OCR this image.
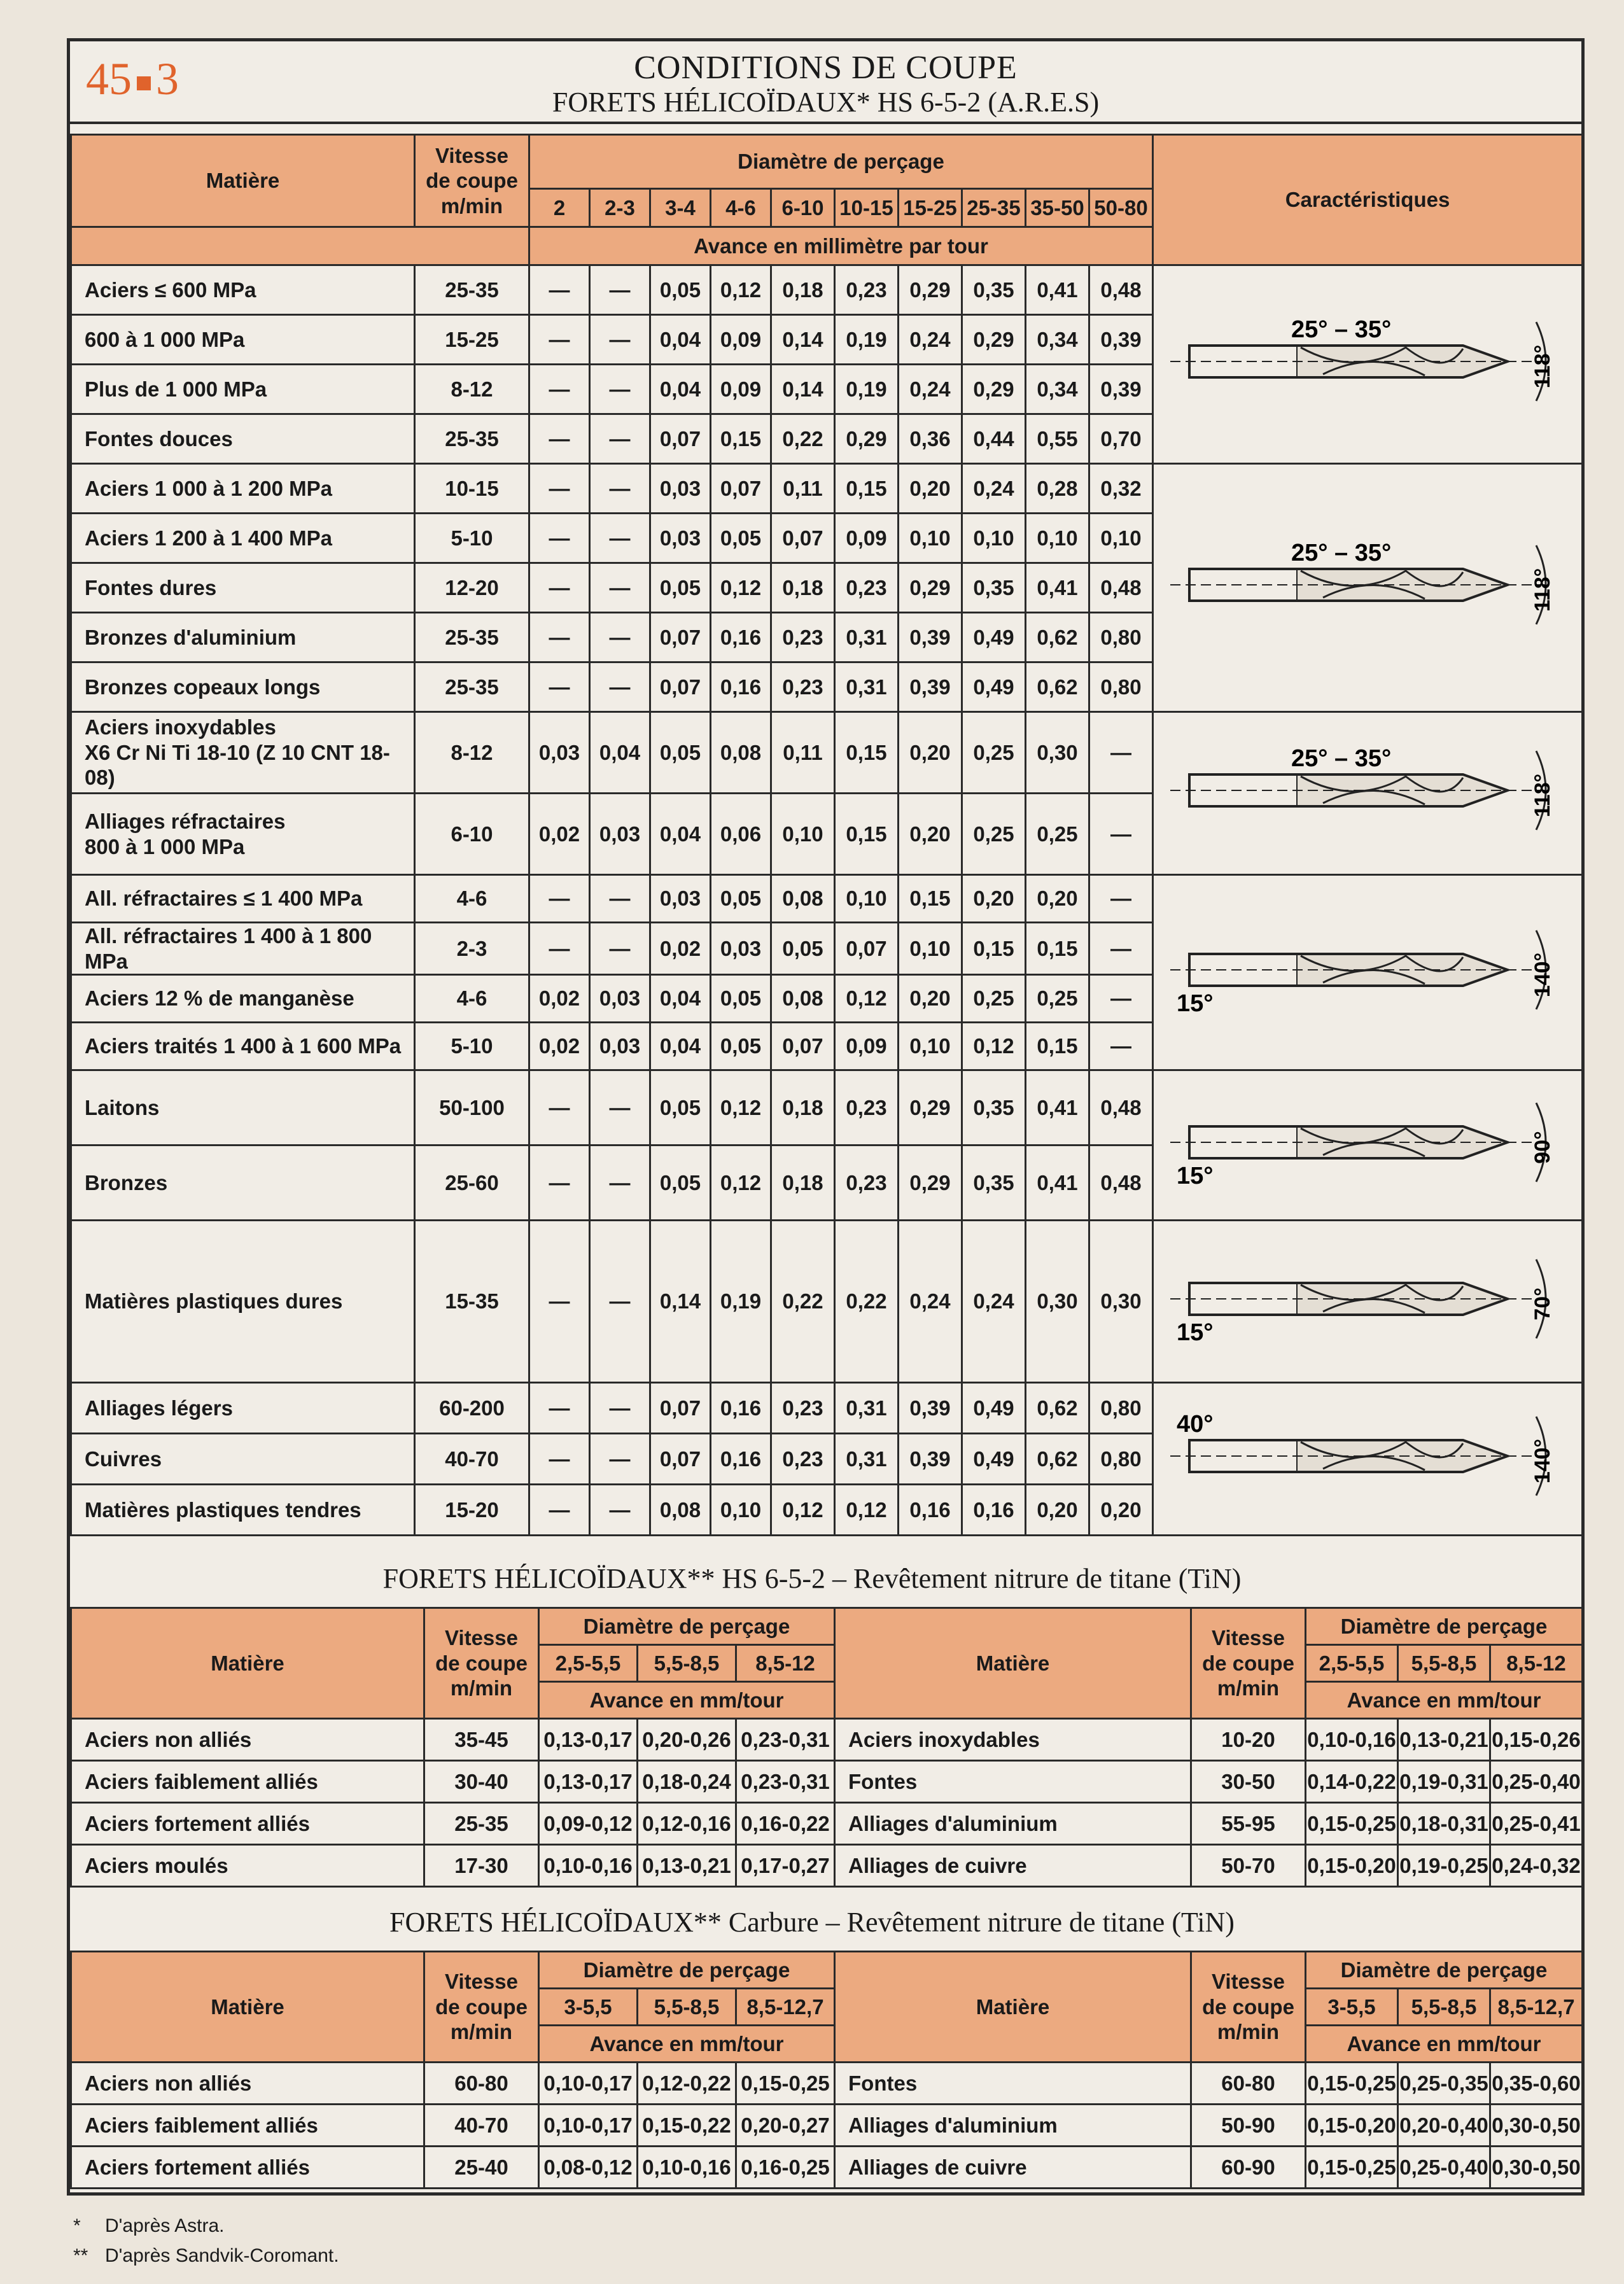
45 3	CONDITIONS DE COUPE
FORETS HÉLICOÏDAUX* HS 6-5-2 (A.R.E.S)
Matière	Vitesse
de coupe
m/min	Diamètre de perçage										Caractéristiques
		2	2-3	3-4	4-6	6-10	10-15	15-25	25-35	35-50	50-80	
		Avance en millimètre par tour										
Aciers ≤ 600 MPa	25-35	—	—	0,05	0,12	0,18	0,23	0,29	0,35	0,41	0,48	118°
25° – 35°

600 à 1 000 MPa	15-25	—	—	0,04	0,09	0,14	0,19	0,24	0,29	0,34	0,39	
Plus de 1 000 MPa	8-12	—	—	0,04	0,09	0,14	0,19	0,24	0,29	0,34	0,39	
Fontes douces	25-35	—	—	0,07	0,15	0,22	0,29	0,36	0,44	0,55	0,70	
Aciers 1 000 à 1 200 MPa	10-15	—	—	0,03	0,07	0,11	0,15	0,20	0,24	0,28	0,32	118°
25° – 35°

Aciers 1 200 à 1 400 MPa	5-10	—	—	0,03	0,05	0,07	0,09	0,10	0,10	0,10	0,10	
Fontes dures	12-20	—	—	0,05	0,12	0,18	0,23	0,29	0,35	0,41	0,48	
Bronzes d'aluminium	25-35	—	—	0,07	0,16	0,23	0,31	0,39	0,49	0,62	0,80	
Bronzes copeaux longs	25-35	—	—	0,07	0,16	0,23	0,31	0,39	0,49	0,62	0,80	
Aciers inoxydables
X6 Cr Ni Ti 18-10 (Z 10 CNT 18-08)	8-12	0,03	0,04	0,05	0,08	0,11	0,15	0,20	0,25	0,30	—	118°
25° – 35°

Alliages réfractaires
800 à 1 000 MPa	6-10	0,02	0,03	0,04	0,06	0,10	0,15	0,20	0,25	0,25	—	
All. réfractaires ≤ 1 400 MPa	4-6	—	—	0,03	0,05	0,08	0,10	0,15	0,20	0,20	—	140°
15°

All. réfractaires 1 400 à 1 800 MPa	2-3	—	—	0,02	0,03	0,05	0,07	0,10	0,15	0,15	—	
Aciers 12 % de manganèse	4-6	0,02	0,03	0,04	0,05	0,08	0,12	0,20	0,25	0,25	—	
Aciers traités 1 400 à 1 600 MPa	5-10	0,02	0,03	0,04	0,05	0,07	0,09	0,10	0,12	0,15	—	
Laitons	50-100	—	—	0,05	0,12	0,18	0,23	0,29	0,35	0,41	0,48	90°
15°

Bronzes	25-60	—	—	0,05	0,12	0,18	0,23	0,29	0,35	0,41	0,48	
Matières plastiques dures	15-35	—	—	0,14	0,19	0,22	0,22	0,24	0,24	0,30	0,30	70°
15°

Alliages légers	60-200	—	—	0,07	0,16	0,23	0,31	0,39	0,49	0,62	0,80	140°
40°

Cuivres	40-70	—	—	0,07	0,16	0,23	0,31	0,39	0,49	0,62	0,80	
Matières plastiques tendres	15-20	—	—	0,08	0,10	0,12	0,12	0,16	0,16	0,20	0,20	
FORETS HÉLICOÏDAUX** HS 6-5-2 – Revêtement nitrure de titane (TiN)
Matière	Vitesse
de coupe
m/min	Diamètre de perçage			Matière	Vitesse
de coupe
m/min	Diamètre de perçage		
		2,5-5,5	5,5-8,5	8,5-12			2,5-5,5	5,5-8,5	8,5-12
		Avance en mm/tour					Avance en mm/tour		
Aciers non alliés	35-45	0,13-0,17	0,20-0,26	0,23-0,31	Aciers inoxydables	10-20	0,10-0,16	0,13-0,21	0,15-0,26
Aciers faiblement alliés	30-40	0,13-0,17	0,18-0,24	0,23-0,31	Fontes	30-50	0,14-0,22	0,19-0,31	0,25-0,40
Aciers fortement alliés	25-35	0,09-0,12	0,12-0,16	0,16-0,22	Alliages d'aluminium	55-95	0,15-0,25	0,18-0,31	0,25-0,41
Aciers moulés	17-30	0,10-0,16	0,13-0,21	0,17-0,27	Alliages de cuivre	50-70	0,15-0,20	0,19-0,25	0,24-0,32
FORETS HÉLICOÏDAUX** Carbure – Revêtement nitrure de titane (TiN)
Matière	Vitesse
de coupe
m/min	Diamètre de perçage			Matière	Vitesse
de coupe
m/min	Diamètre de perçage		
		3-5,5	5,5-8,5	8,5-12,7			3-5,5	5,5-8,5	8,5-12,7
		Avance en mm/tour					Avance en mm/tour		
Aciers non alliés	60-80	0,10-0,17	0,12-0,22	0,15-0,25	Fontes	60-80	0,15-0,25	0,25-0,35	0,35-0,60
Aciers faiblement alliés	40-70	0,10-0,17	0,15-0,22	0,20-0,27	Alliages d'aluminium	50-90	0,15-0,20	0,20-0,40	0,30-0,50
Aciers fortement alliés	25-40	0,08-0,12	0,10-0,16	0,16-0,25	Alliages de cuivre	60-90	0,15-0,25	0,25-0,40	0,30-0,50
* D'après Astra.
** D'après Sandvik-Coromant.
